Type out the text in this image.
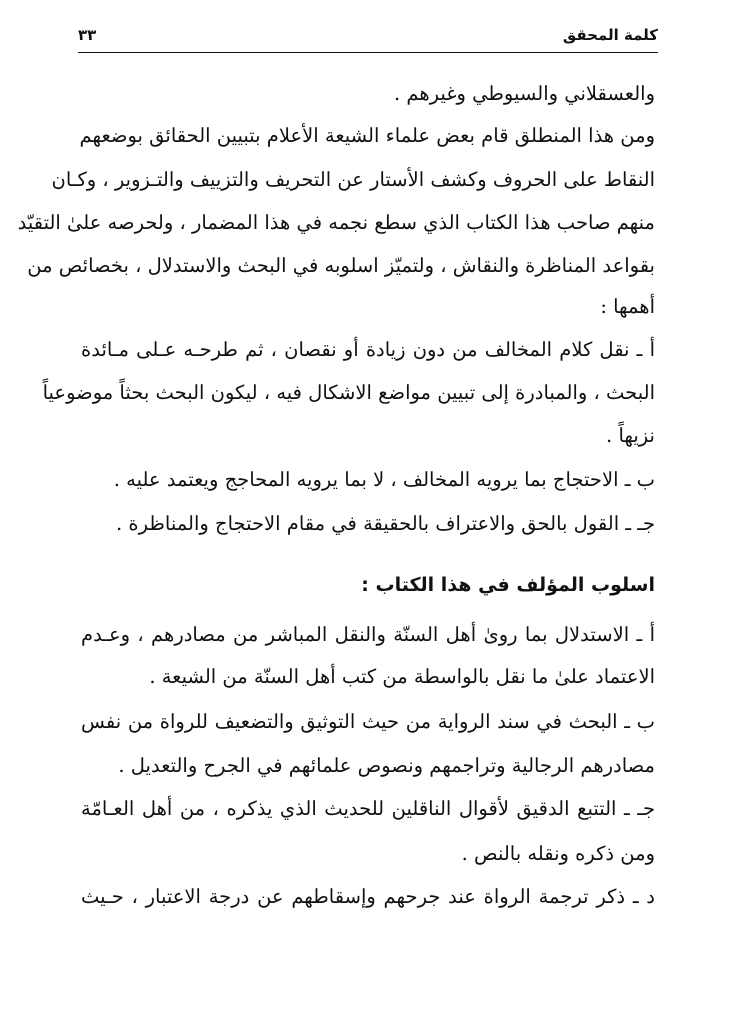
كلمة المحقق
٣٣
والعسقلاني والسيوطي وغيرهم .
ومن هذا المنطلق قام بعض علماء الشيعة الأعلام بتبيين الحقائق بوضعهم
النقاط على الحروف وكشف الأستار عن التحريف والتزييف والتـزوير ، وكـان
منهم صاحب هذا الكتاب الذي سطع نجمه في هذا المضمار ، ولحرصه علىٰ التقيّد
بقواعد المناظرة والنقاش ، ولتميّز اسلوبه في البحث والاستدلال ، بخصائص من
أهمها :
أ ـ نقل كلام المخالف من دون زيادة أو نقصان ، ثم طرحـه عـلى مـائدة
البحث ، والمبادرة إلى تبيين مواضع الاشكال فيه ، ليكون البحث بحثاً موضوعياً
نزيهاً .
ب ـ الاحتجاج بما يرويه المخالف ، لا بما يرويه المحاجج ويعتمد عليه .
جـ ـ القول بالحق والاعتراف بالحقيقة في مقام الاحتجاج والمناظرة .
اسلوب المؤلف في هذا الكتاب :
أ ـ الاستدلال بما روىٰ أهل السنّة والنقل المباشر من مصادرهم ، وعـدم
الاعتماد علىٰ ما نقل بالواسطة من كتب أهل السنّة من الشيعة .
ب ـ البحث في سند الرواية من حيث التوثيق والتضعيف للرواة من نفس
مصادرهم الرجالية وتراجمهم ونصوص علمائهم في الجرح والتعديل .
جـ ـ التتبع الدقيق لأقوال الناقلين للحديث الذي يذكره ، من أهل العـامّة
ومن ذكره ونقله بالنص .
د ـ ذكر ترجمة الرواة عند جرحهم وإسقاطهم عن درجة الاعتبار ، حـيث
